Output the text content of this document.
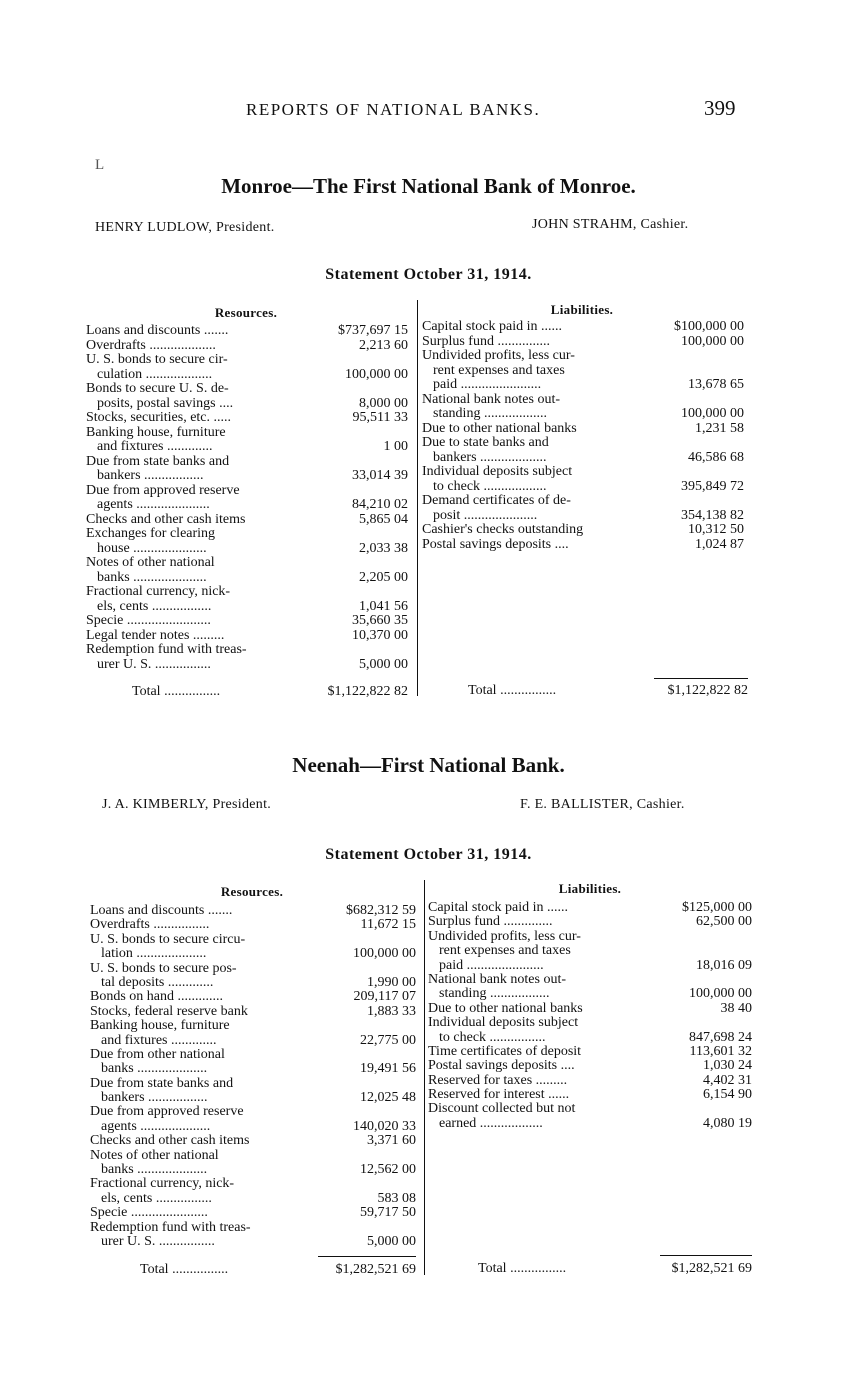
REPORTS OF NATIONAL BANKS.	399
L
Monroe—The First National Bank of Monroe.
HENRY LUDLOW, President.	JOHN STRAHM, Cashier.
Statement October 31, 1914.
Resources.	Liabilities.
Loans and discounts .......	$737,697 15
Overdrafts ...................	2,213 60
U. S. bonds to secure cir-
culation ...................	100,000 00
Bonds to secure U. S. de-
posits, postal savings ....	8,000 00
Stocks, securities, etc. .....	95,511 33
Banking house, furniture
and fixtures .............	1 00
Due from state banks and
bankers .................	33,014 39
Due from approved reserve
agents .....................	84,210 02
Checks and other cash items	5,865 04
Exchanges for clearing
house .....................	2,033 38
Notes of other national
banks .....................	2,205 00
Fractional currency, nick-
els, cents .................	1,041 56
Specie ........................	35,660 35
Legal tender notes .........	10,370 00
Redemption fund with treas-
urer U. S. ................	5,000 00
Capital stock paid in ......	$100,000 00
Surplus fund ...............	100,000 00
Undivided profits, less cur-
rent expenses and taxes
paid .......................	13,678 65
National bank notes out-
standing ..................	100,000 00
Due to other national banks	1,231 58
Due to state banks and
bankers ...................	46,586 68
Individual deposits subject
to check ..................	395,849 72
Demand certificates of de-
posit .....................	354,138 82
Cashier's checks outstanding	10,312 50
Postal savings deposits ....	1,024 87
Total ................	$1,122,822 82	Total ................	$1,122,822 82
Neenah—First National Bank.
J. A. KIMBERLY, President.	F. E. BALLISTER, Cashier.
Statement October 31, 1914.
Resources.	Liabilities.
Loans and discounts .......	$682,312 59
Overdrafts ................	11,672 15
U. S. bonds to secure circu-
lation ....................	100,000 00
U. S. bonds to secure pos-
tal deposits .............	1,990 00
Bonds on hand .............	209,117 07
Stocks, federal reserve bank	1,883 33
Banking house, furniture
and fixtures .............	22,775 00
Due from other national
banks ....................	19,491 56
Due from state banks and
bankers .................	12,025 48
Due from approved reserve
agents ....................	140,020 33
Checks and other cash items	3,371 60
Notes of other national
banks ....................	12,562 00
Fractional currency, nick-
els, cents ................	583 08
Specie ......................	59,717 50
Redemption fund with treas-
urer U. S. ................	5,000 00
Capital stock paid in ......	$125,000 00
Surplus fund ..............	62,500 00
Undivided profits, less cur-
rent expenses and taxes
paid ......................	18,016 09
National bank notes out-
standing .................	100,000 00
Due to other national banks	38 40
Individual deposits subject
to check ................	847,698 24
Time certificates of deposit	113,601 32
Postal savings deposits ....	1,030 24
Reserved for taxes .........	4,402 31
Reserved for interest ......	6,154 90
Discount collected but not
earned ..................	4,080 19
Total ................	$1,282,521 69	Total ................	$1,282,521 69
